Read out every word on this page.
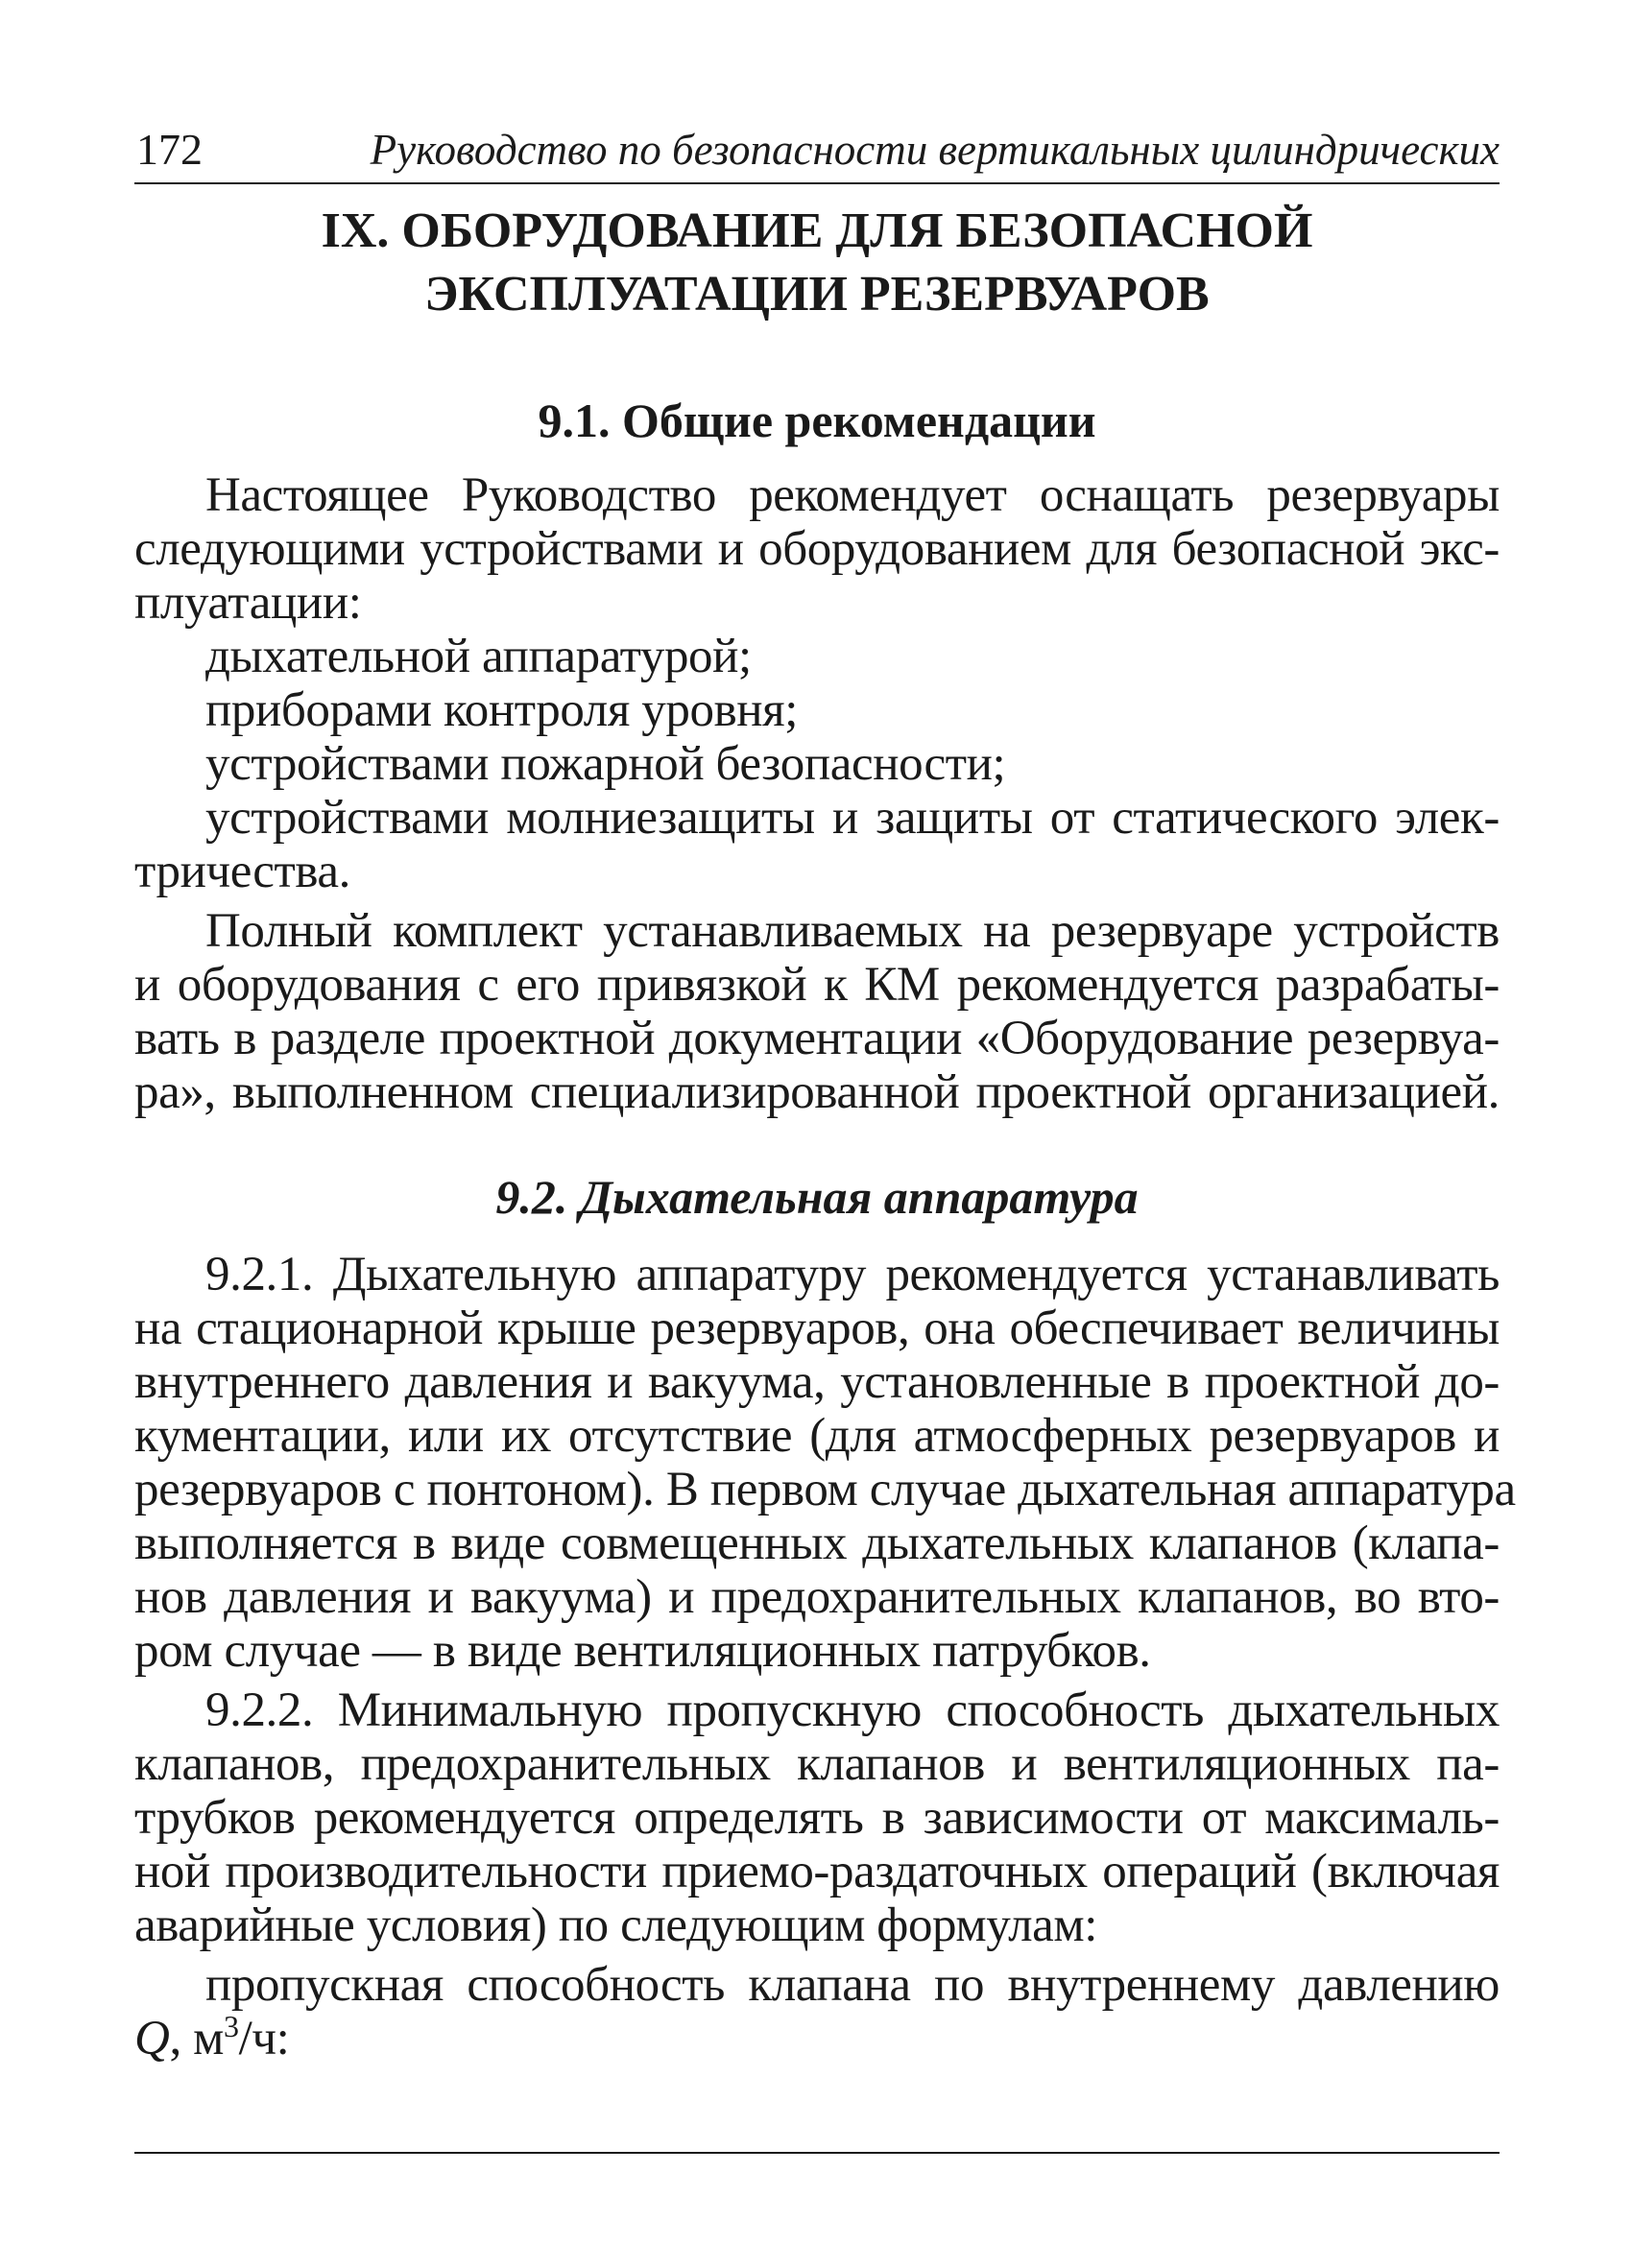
172	Руководство по безопасности вертикальных цилиндрических
IX. ОБОРУДОВАНИЕ ДЛЯ БЕЗОПАСНОЙ
ЭКСПЛУАТАЦИИ РЕЗЕРВУАРОВ
9.1. Общие рекомендации
Настоящее Руководство рекомендует оснащать резервуары
следующими устройствами и оборудованием для безопасной экс-
плуатации:
дыхательной аппаратурой;
приборами контроля уровня;
устройствами пожарной безопасности;
устройствами молниезащиты и защиты от статического элек-
тричества.
Полный комплект устанавливаемых на резервуаре устройств
и оборудования с его привязкой к КМ рекомендуется разрабаты-
вать в разделе проектной документации «Оборудование резервуа-
ра», выполненном специализированной проектной организацией.
9.2. Дыхательная аппаратура
9.2.1. Дыхательную аппаратуру рекомендуется устанавливать
на стационарной крыше резервуаров, она обеспечивает величины
внутреннего давления и вакуума, установленные в проектной до-
кументации, или их отсутствие (для атмосферных резервуаров и
резервуаров с понтоном). В первом случае дыхательная аппаратура
выполняется в виде совмещенных дыхательных клапанов (клапа-
нов давления и вакуума) и предохранительных клапанов, во вто-
ром случае — в виде вентиляционных патрубков.
9.2.2. Минимальную пропускную способность дыхательных
клапанов, предохранительных клапанов и вентиляционных па-
трубков рекомендуется определять в зависимости от максималь-
ной производительности приемо-раздаточных операций (включая
аварийные условия) по следующим формулам:
пропускная способность клапана по внутреннему давлению
Q, $м^3/ч$:
